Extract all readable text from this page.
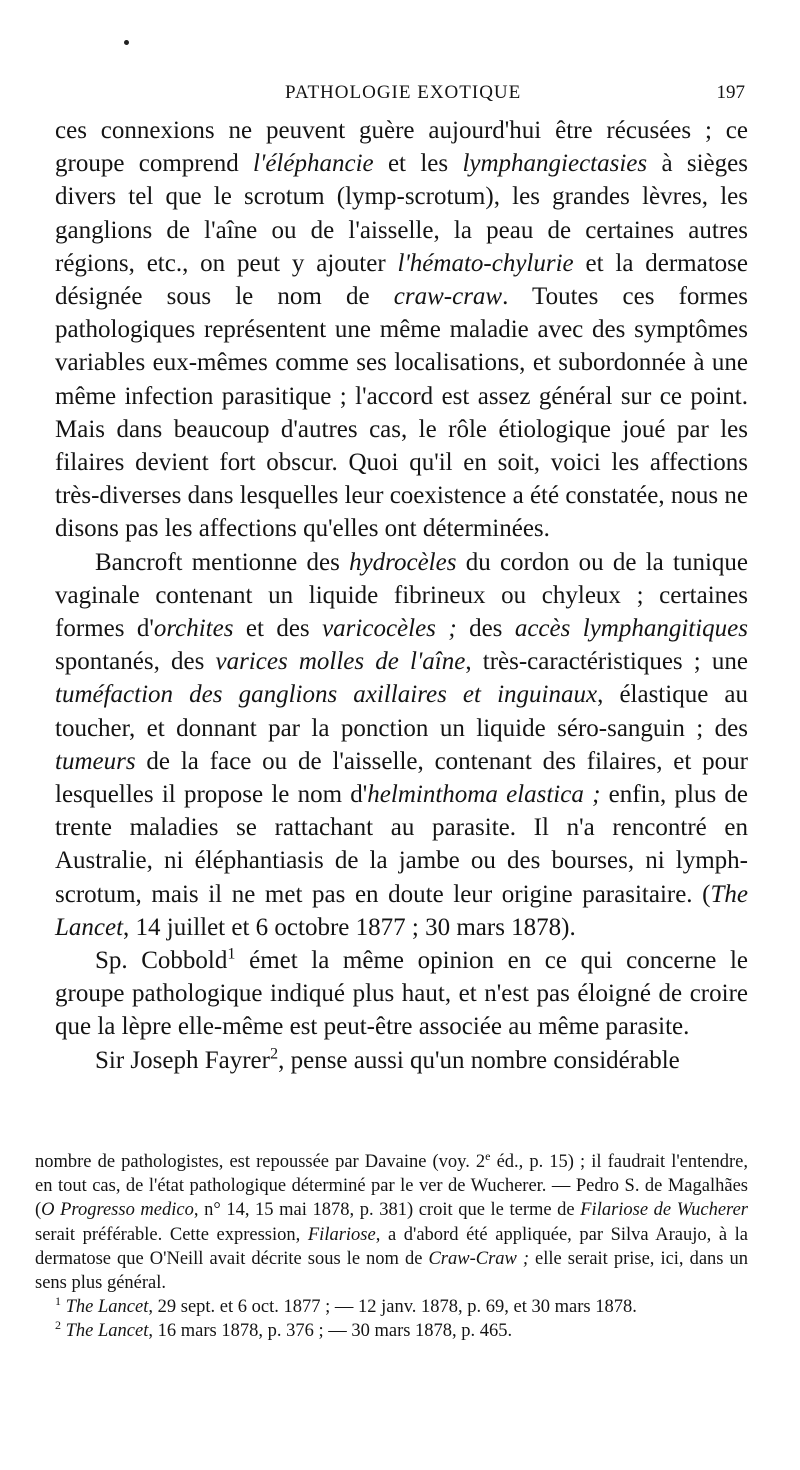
PATHOLOGIE EXOTIQUE	197

ces connexions ne peuvent guère aujourd'hui être récusées ; ce groupe comprend l'éléphancie et les lymphangiectasies à sièges divers tel que le scrotum (lymp-scrotum), les grandes lèvres, les ganglions de l'aîne ou de l'aisselle, la peau de certaines autres régions, etc., on peut y ajouter l'hémato-chylurie et la dermatose désignée sous le nom de craw-craw. Toutes ces formes pathologiques représentent une même maladie avec des symptômes variables eux-mêmes comme ses localisations, et subordonnée à une même infection parasitique ; l'accord est assez général sur ce point. Mais dans beaucoup d'autres cas, le rôle étiologique joué par les filaires devient fort obscur. Quoi qu'il en soit, voici les affections très-diverses dans lesquelles leur coexistence a été constatée, nous ne disons pas les affections qu'elles ont déterminées.

Bancroft mentionne des hydrocèles du cordon ou de la tunique vaginale contenant un liquide fibrineux ou chyleux ; certaines formes d'orchites et des varicocèles ; des accès lymphangitiques spontanés, des varices molles de l'aîne, très-caractéristiques ; une tuméfaction des ganglions axillaires et inguinaux, élastique au toucher, et donnant par la ponction un liquide séro-sanguin ; des tumeurs de la face ou de l'aisselle, contenant des filaires, et pour lesquelles il propose le nom d'helminthoma elastica ; enfin, plus de trente maladies se rattachant au parasite. Il n'a rencontré en Australie, ni éléphantiasis de la jambe ou des bourses, ni lymph-scrotum, mais il ne met pas en doute leur origine parasitaire. (The Lancet, 14 juillet et 6 octobre 1877 ; 30 mars 1878).

Sp. Cobbold$^1$ émet la même opinion en ce qui concerne le groupe pathologique indiqué plus haut, et n'est pas éloigné de croire que la lèpre elle-même est peut-être associée au même parasite.

Sir Joseph Fayrer$^2$, pense aussi qu'un nombre considérable

nombre de pathologistes, est repoussée par Davaine (voy. 2e éd., p. 15) ; il faudrait l'entendre, en tout cas, de l'état pathologique déterminé par le ver de Wucherer. — Pedro S. de Magalhães (O Progresso medico, n° 14, 15 mai 1878, p. 381) croit que le terme de Filariose de Wucherer serait préférable. Cette expression, Filariose, a d'abord été appliquée, par Silva Araujo, à la dermatose que O'Neill avait décrite sous le nom de Craw-Craw ; elle serait prise, ici, dans un sens plus général.

$^1$ The Lancet, 29 sept. et 6 oct. 1877 ; — 12 janv. 1878, p. 69, et 30 mars 1878.

$^2$ The Lancet, 16 mars 1878, p. 376 ; — 30 mars 1878, p. 465.
